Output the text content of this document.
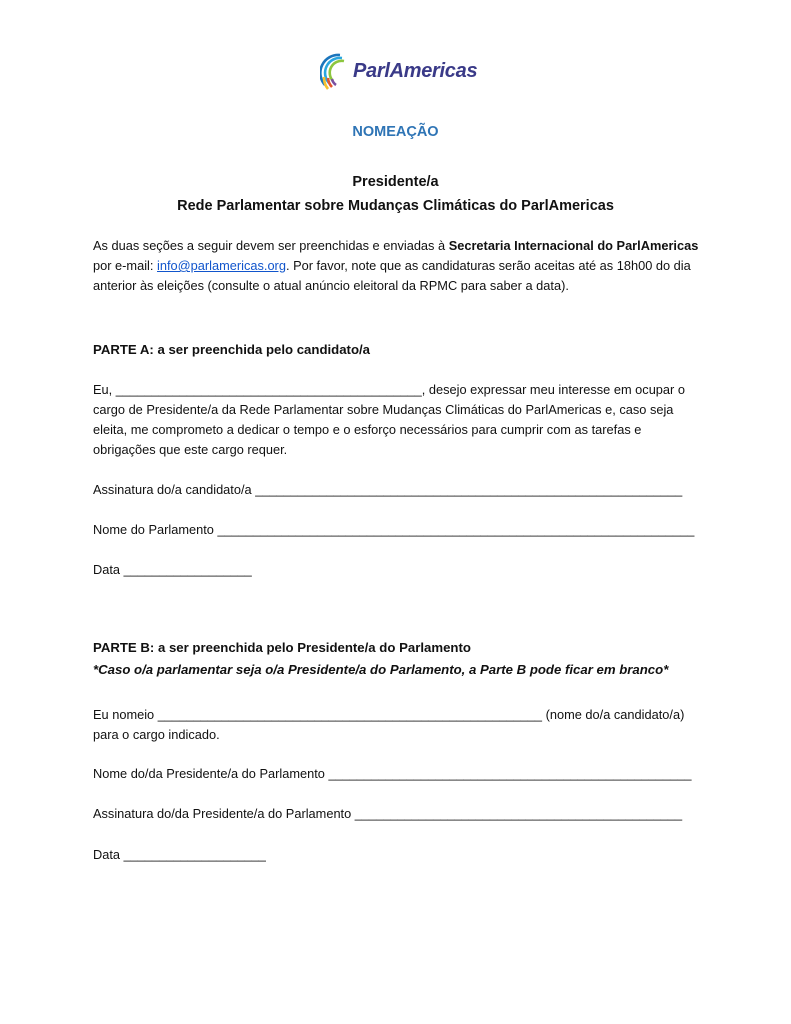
ParlAmericas
NOMEAÇÃO
Presidente/a
Rede Parlamentar sobre Mudanças Climáticas do ParlAmericas
As duas seções a seguir devem ser preenchidas e enviadas à Secretaria Internacional do ParlAmericas
por e-mail: info@parlamericas.org. Por favor, note que as candidaturas serão aceitas até as 18h00 do dia
anterior às eleições (consulte o atual anúncio eleitoral da RPMC para saber a data).
PARTE A: a ser preenchida pelo candidato/a
Eu, ___________________________________________, desejo expressar meu interesse em ocupar o
cargo de Presidente/a da Rede Parlamentar sobre Mudanças Climáticas do ParlAmericas e, caso seja
eleita, me comprometo a dedicar o tempo e o esforço necessários para cumprir com as tarefas e
obrigações que este cargo requer.
Assinatura do/a candidato/a ____________________________________________________________
Nome do Parlamento ___________________________________________________________________
Data __________________
PARTE B: a ser preenchida pelo Presidente/a do Parlamento
*Caso o/a parlamentar seja o/a Presidente/a do Parlamento, a Parte B pode ficar em branco*
Eu nomeio ______________________________________________________ (nome do/a candidato/a)
para o cargo indicado.
Nome do/da Presidente/a do Parlamento ___________________________________________________
Assinatura do/da Presidente/a do Parlamento ______________________________________________
Data ____________________
